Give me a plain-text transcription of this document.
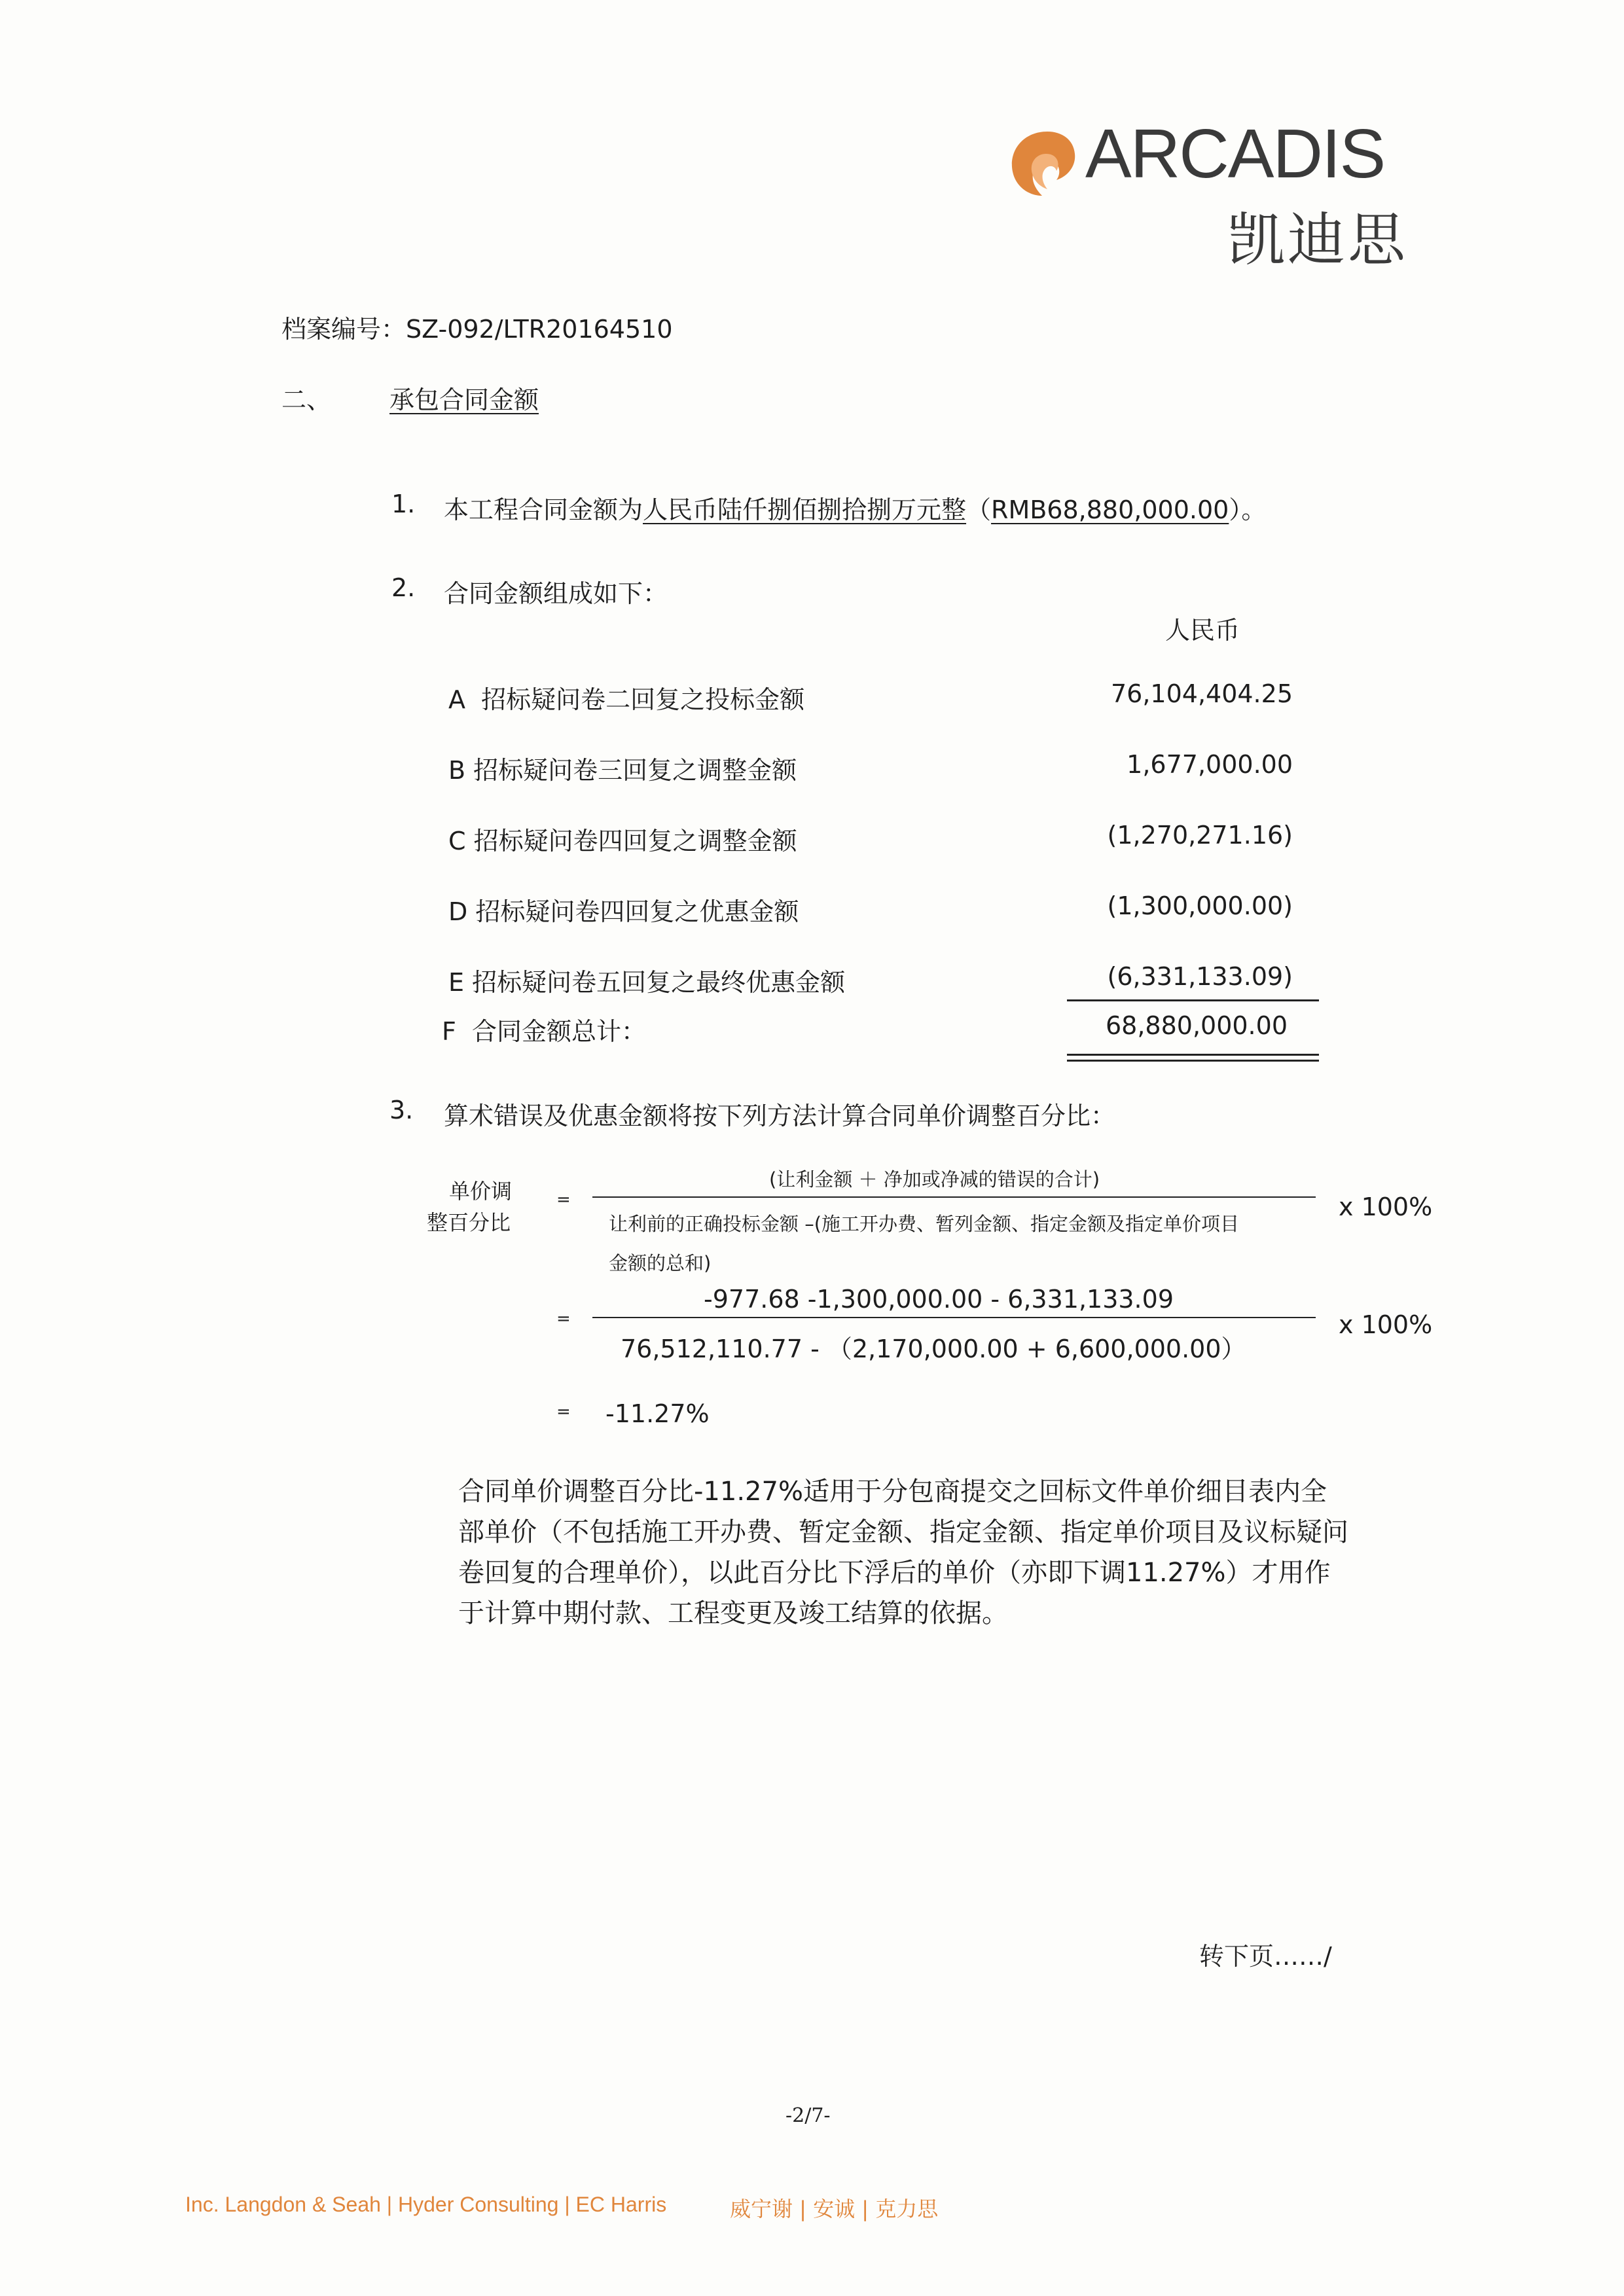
ARCADIS
凯迪思
档案编号：SZ-092/LTR20164510
二、 承包合同金额
1. 本工程合同金额为人民币陆仟捌佰捌拾捌万元整（RMB68,880,000.00）。
2. 合同金额组成如下：
人民币
A 招标疑问卷二回复之投标金额	76,104,404.25
B 招标疑问卷三回复之调整金额	1,677,000.00
C 招标疑问卷四回复之调整金额	(1,270,271.16)
D 招标疑问卷四回复之优惠金额	(1,300,000.00)
E 招标疑问卷五回复之最终优惠金额	(6,331,133.09)
F 合同金额总计：	68,880,000.00
3. 算术错误及优惠金额将按下列方法计算合同单价调整百分比：
单价调
整百分比
=
(让利金额 ＋ 净加或净减的错误的合计)
让利前的正确投标金额 –(施工开办费、暂列金额、指定金额及指定单价项目
金额的总和)
x 100%
=
-977.68 -1,300,000.00 - 6,331,133.09
76,512,110.77 - （2,170,000.00 + 6,600,000.00）
x 100%
= -11.27%
合同单价调整百分比-11.27%适用于分包商提交之回标文件单价细目表内全部单价（不包括施工开办费、暂定金额、指定金额、指定单价项目及议标疑问卷回复的合理单价），以此百分比下浮后的单价（亦即下调11.27%）才用作于计算中期付款、工程变更及竣工结算的依据。
转下页……/
-2/7-
Inc. Langdon & Seah | Hyder Consulting | EC Harris	威宁谢 | 安诚 | 克力思
